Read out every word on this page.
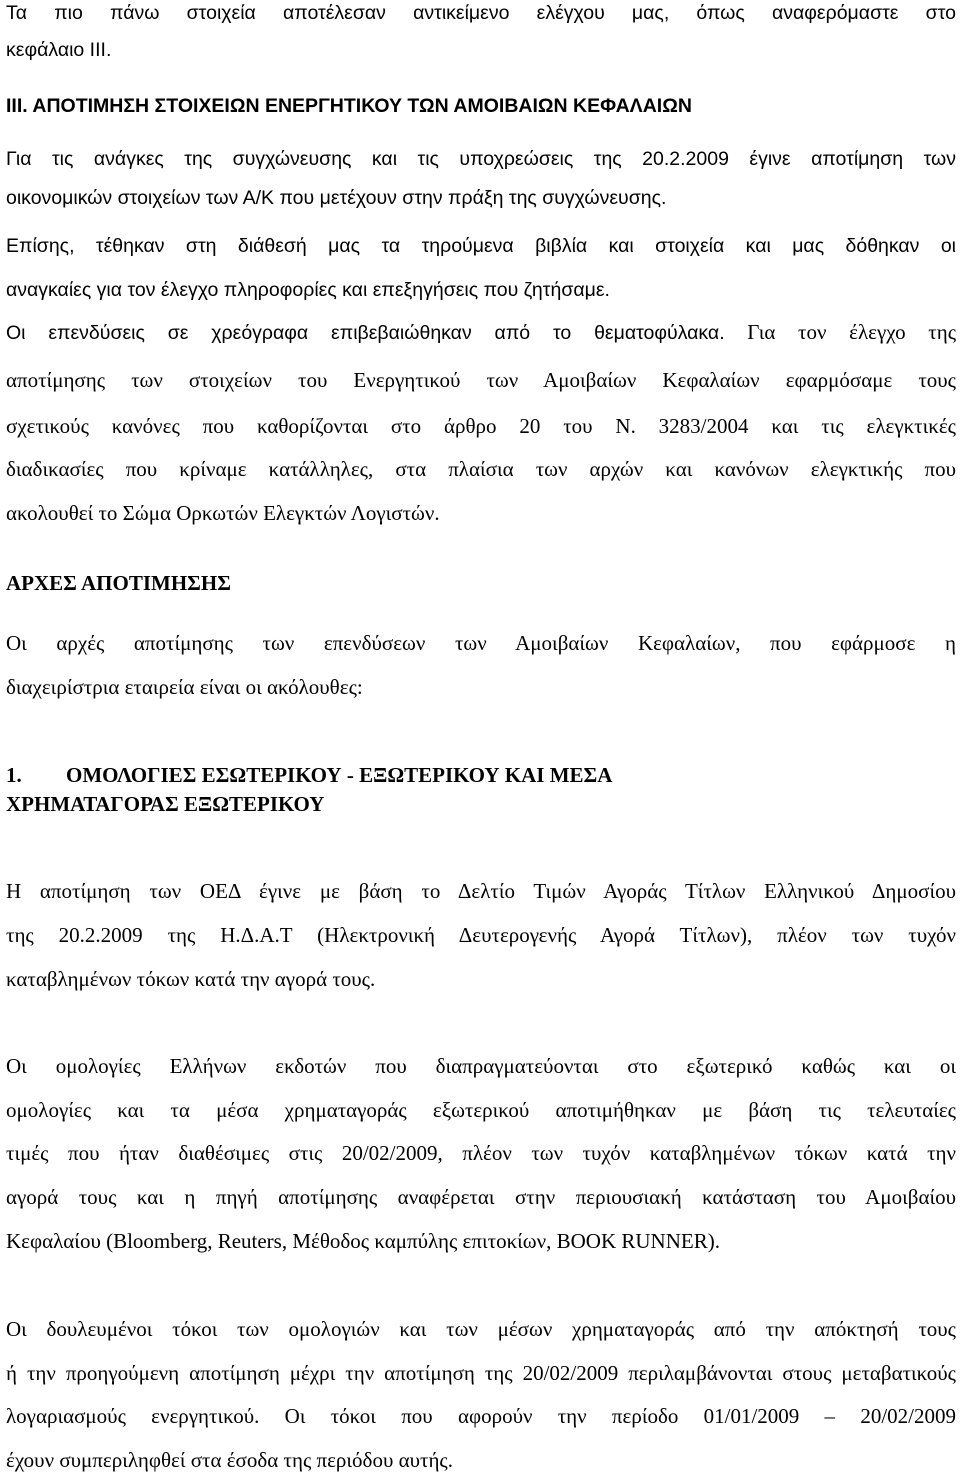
Τα πιο πάνω στοιχεία αποτέλεσαν αντικείμενο ελέγχου μας, όπως αναφερόμαστε στο
κεφάλαιο ΙΙΙ.
ΙΙΙ. ΑΠΟΤΙΜΗΣΗ ΣΤΟΙΧΕΙΩΝ ΕΝΕΡΓΗΤΙΚΟΥ ΤΩΝ ΑΜΟΙΒΑΙΩΝ ΚΕΦΑΛΑΙΩΝ
Για τις ανάγκες της συγχώνευσης και τις υποχρεώσεις της 20.2.2009 έγινε αποτίμηση των
οικονομικών στοιχείων των Α/Κ που μετέχουν στην πράξη της συγχώνευσης.
Επίσης, τέθηκαν στη διάθεσή μας τα τηρούμενα βιβλία και στοιχεία και μας δόθηκαν οι
αναγκαίες για τον έλεγχο πληροφορίες και επεξηγήσεις που ζητήσαμε.
Οι επενδύσεις σε χρεόγραφα επιβεβαιώθηκαν από το θεματοφύλακα. Για τον έλεγχο της
αποτίμησης των στοιχείων του Ενεργητικού των Αμοιβαίων Κεφαλαίων εφαρμόσαμε τους
σχετικούς κανόνες που καθορίζονται στο άρθρο 20 του Ν. 3283/2004 και τις ελεγκτικές
διαδικασίες που κρίναμε κατάλληλες, στα πλαίσια των αρχών και κανόνων ελεγκτικής που
ακολουθεί το Σώμα Ορκωτών Ελεγκτών Λογιστών.
ΑΡΧΕΣ ΑΠΟΤΙΜΗΣΗΣ
Οι αρχές αποτίμησης των επενδύσεων των Αμοιβαίων Κεφαλαίων, που εφάρμοσε η
διαχειρίστρια εταιρεία είναι οι ακόλουθες:
1. ΟΜΟΛΟΓΙΕΣ ΕΣΩΤΕΡΙΚΟΥ - ΕΞΩΤΕΡΙΚΟΥ ΚΑΙ ΜΕΣΑ
ΧΡΗΜΑΤΑΓΟΡΑΣ ΕΞΩΤΕΡΙΚΟΥ
Η αποτίμηση των ΟΕΔ έγινε με βάση το Δελτίο Τιμών Αγοράς Τίτλων Ελληνικού Δημοσίου
της 20.2.2009 της Η.Δ.Α.Τ (Ηλεκτρονική Δευτερογενής Αγορά Τίτλων), πλέον των τυχόν
καταβλημένων τόκων κατά την αγορά τους.
Οι ομολογίες Ελλήνων εκδοτών που διαπραγματεύονται στο εξωτερικό καθώς και οι
ομολογίες και τα μέσα χρηματαγοράς εξωτερικού αποτιμήθηκαν με βάση τις τελευταίες
τιμές που ήταν διαθέσιμες στις 20/02/2009, πλέον των τυχόν καταβλημένων τόκων κατά την
αγορά τους και η πηγή αποτίμησης αναφέρεται στην περιουσιακή κατάσταση του Αμοιβαίου
Κεφαλαίου (Bloomberg, Reuters, Μέθοδος καμπύλης επιτοκίων, BOOK RUNNER).
Οι δουλευμένοι τόκοι των ομολογιών και των μέσων χρηματαγοράς από την απόκτησή τους
ή την προηγούμενη αποτίμηση μέχρι την αποτίμηση της 20/02/2009 περιλαμβάνονται στους μεταβατικούς
λογαριασμούς ενεργητικού. Οι τόκοι που αφορούν την περίοδο 01/01/2009 – 20/02/2009
έχουν συμπεριληφθεί στα έσοδα της περιόδου αυτής.
